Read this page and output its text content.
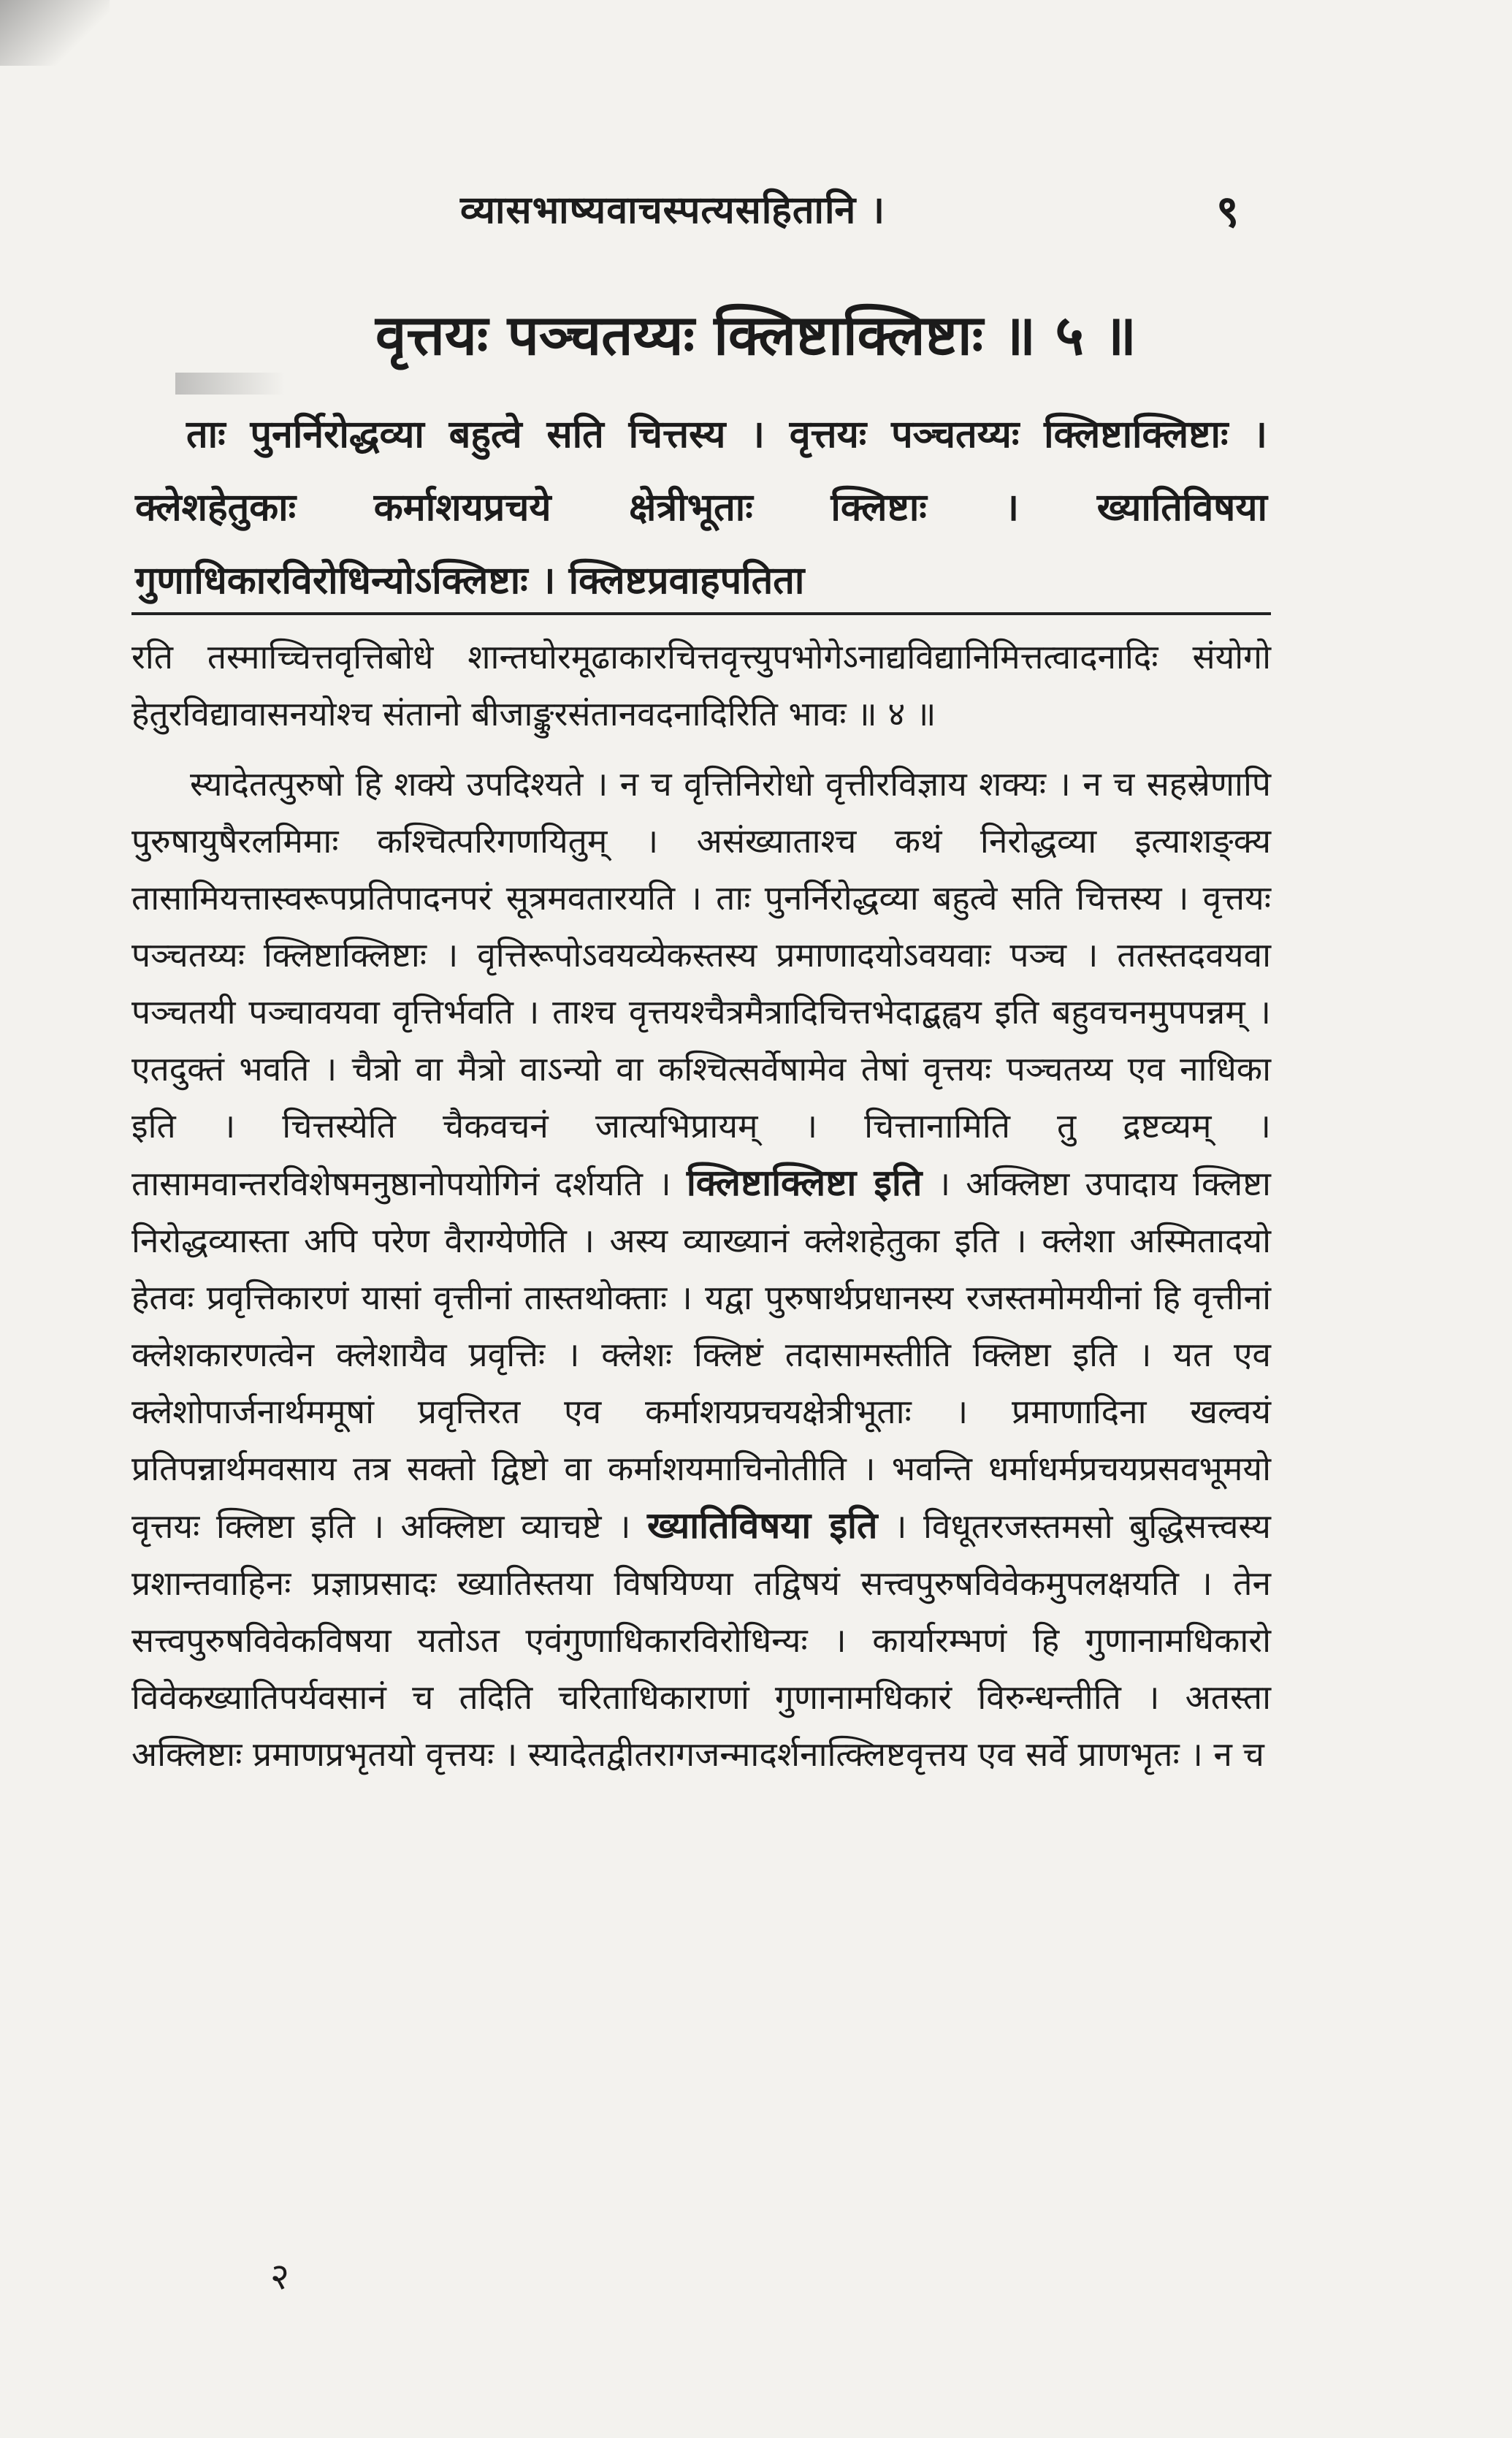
व्यासभाष्यवाचस्पत्यसहितानि ।	९
वृत्तयः पञ्चतय्यः क्लिष्टाक्लिष्टाः ॥ ५ ॥

ताः पुनर्निरोद्धव्या बहुत्वे सति चित्तस्य । वृत्तयः पञ्चतय्यः क्लिष्टाक्लिष्टाः । क्लेशहेतुकाः कर्माशयप्रचये क्षेत्रीभूताः क्लिष्टाः । ख्यातिविषया गुणाधिकारविरोधिन्योऽक्लिष्टाः । क्लिष्टप्रवाहपतिता

रति तस्माच्चित्तवृत्तिबोधे शान्तघोरमूढाकारचित्तवृत्त्युपभोगेऽनाद्यविद्यानिमित्तत्वादनादिः संयोगो हेतुरविद्यावासनयोश्च संतानो बीजाङ्कुरसंतानवदनादिरिति भावः ॥ ४ ॥

स्यादेतत्पुरुषो हि शक्ये उपदिश्यते । न च वृत्तिनिरोधो वृत्तीरविज्ञाय शक्यः । न च सहस्रेणापि पुरुषायुषैरलमिमाः कश्चित्परिगणयितुम् । असंख्याताश्च कथं निरोद्धव्या इत्याशङ्क्य तासामियत्तास्वरूपप्रतिपादनपरं सूत्रमवतारयति । ताः पुनर्निरोद्धव्या बहुत्वे सति चित्तस्य । वृत्तयः पञ्चतय्यः क्लिष्टाक्लिष्टाः । वृत्तिरूपोऽवयव्येकस्तस्य प्रमाणादयोऽवयवाः पञ्च । ततस्तदवयवा पञ्चतयी पञ्चावयवा वृत्तिर्भवति । ताश्च वृत्तयश्चैत्रमैत्रादिचित्तभेदाद्बह्वय इति बहुवचनमुपपन्नम् । एतदुक्तं भवति । चैत्रो वा मैत्रो वाऽन्यो वा कश्चित्सर्वेषामेव तेषां वृत्तयः पञ्चतय्य एव नाधिका इति । चित्तस्येति चैकवचनं जात्यभिप्रायम् । चित्तानामिति तु द्रष्टव्यम् । तासामवान्तरविशेषमनुष्ठानोपयोगिनं दर्शयति । क्लिष्टाक्लिष्टा इति । अक्लिष्टा उपादाय क्लिष्टा निरोद्धव्यास्ता अपि परेण वैराग्येणेति । अस्य व्याख्यानं क्लेशहेतुका इति । क्लेशा अस्मितादयो हेतवः प्रवृत्तिकारणं यासां वृत्तीनां तास्तथोक्ताः । यद्वा पुरुषार्थप्रधानस्य रजस्तमोमयीनां हि वृत्तीनां क्लेशकारणत्वेन क्लेशायैव प्रवृत्तिः । क्लेशः क्लिष्टं तदासामस्तीति क्लिष्टा इति । यत एव क्लेशोपार्जनार्थममूषां प्रवृत्तिरत एव कर्माशयप्रचयक्षेत्रीभूताः । प्रमाणादिना खल्वयं प्रतिपन्नार्थमवसाय तत्र सक्तो द्विष्टो वा कर्माशयमाचिनोतीति । भवन्ति धर्माधर्मप्रचयप्रसवभूमयो वृत्तयः क्लिष्टा इति । अक्लिष्टा व्याचष्टे । ख्यातिविषया इति । विधूतरजस्तमसो बुद्धिसत्त्वस्य प्रशान्तवाहिनः प्रज्ञाप्रसादः ख्यातिस्तया विषयिण्या तद्विषयं सत्त्वपुरुषविवेकमुपलक्षयति । तेन सत्त्वपुरुषविवेकविषया यतोऽत एवंगुणाधिकारविरोधिन्यः । कार्यारम्भणं हि गुणानामधिकारो विवेकख्यातिपर्यवसानं च तदिति चरिताधिकाराणां गुणानामधिकारं विरुन्धन्तीति । अतस्ता अक्लिष्टाः प्रमाणप्रभृतयो वृत्तयः । स्यादेतद्वीतरागजन्मादर्शनात्क्लिष्टवृत्तय एव सर्वे प्राणभृतः । न च

२
